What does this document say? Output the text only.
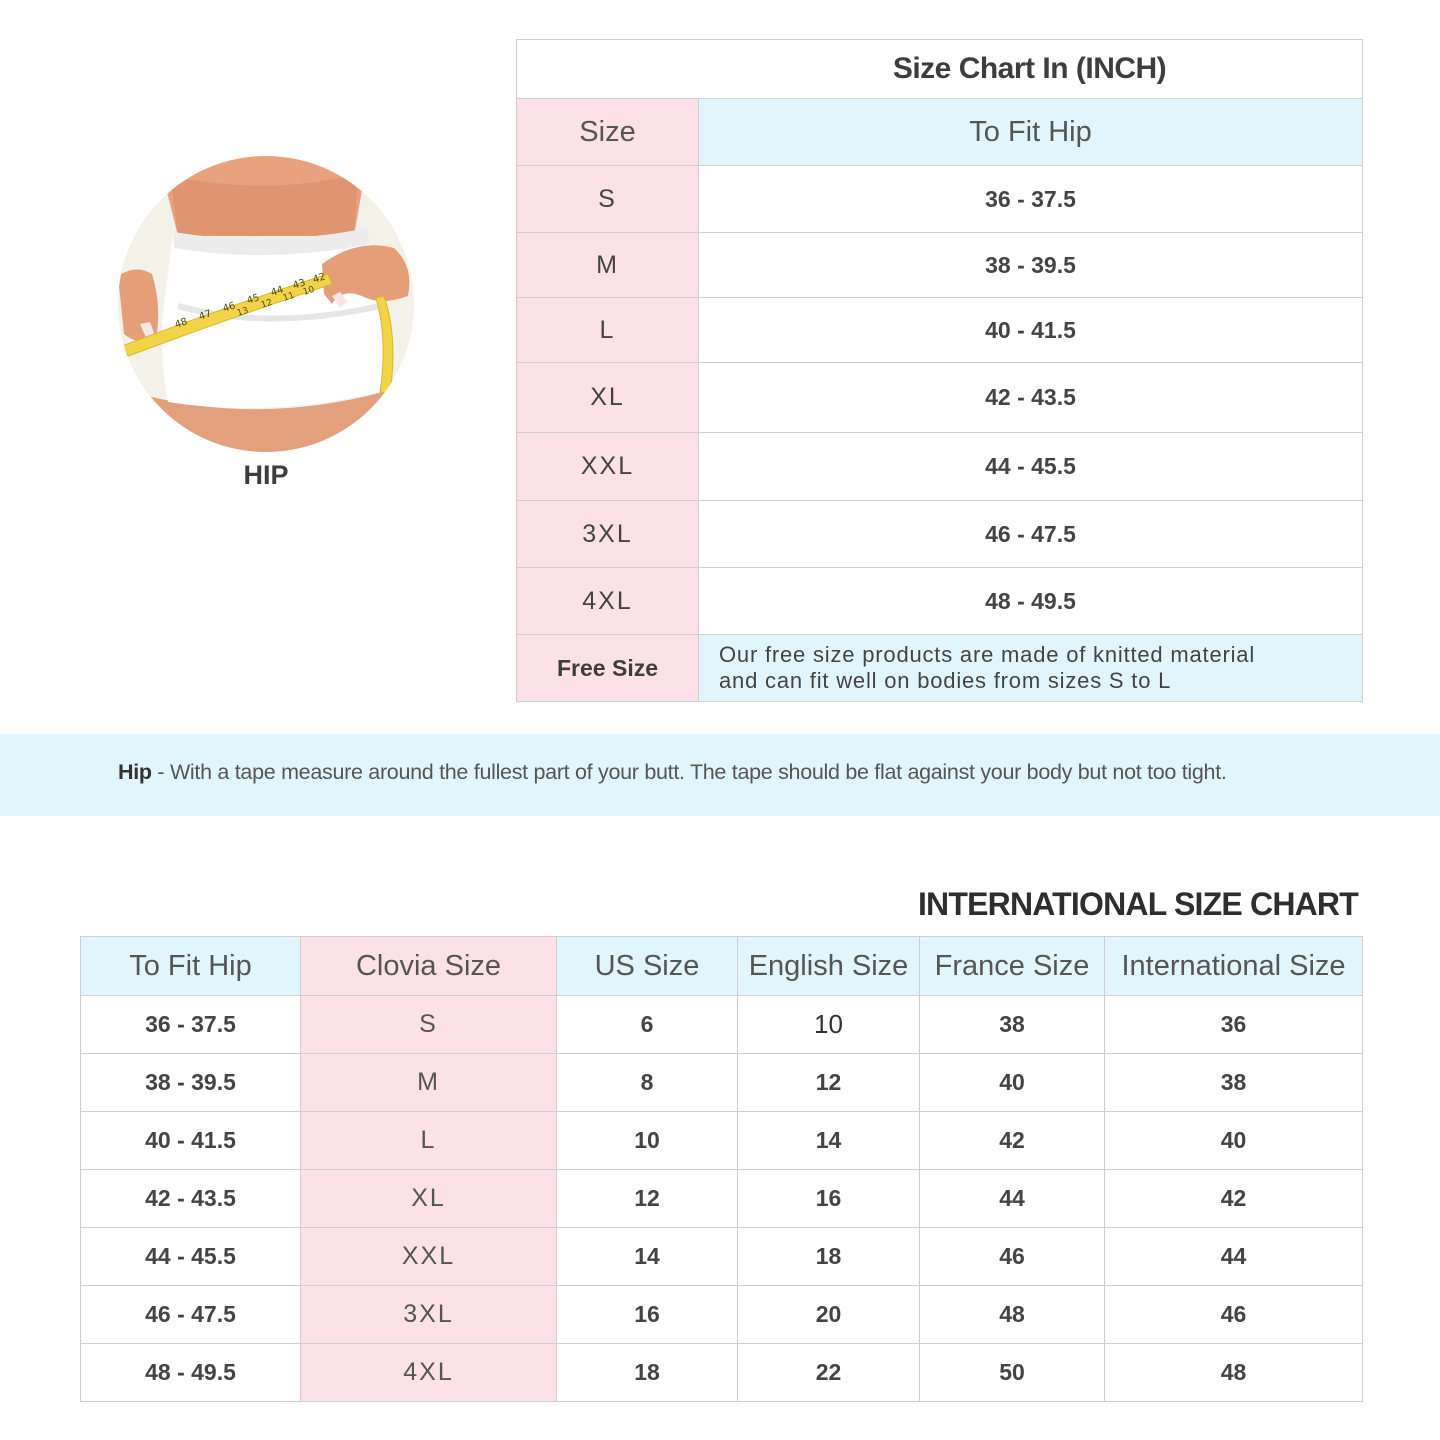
48
47
46
45
44 43 42
13
12
11 10
HIP
Size Chart In (INCH)	
Size	To Fit Hip
S	36 - 37.5
M	38 - 39.5
L	40 - 41.5
XL	42 - 43.5
XXL	44 - 45.5
3XL	46 - 47.5
4XL	48 - 49.5
Free Size	Our free size products are made of knitted material
and can fit well on bodies from sizes S to L
Hip - With a tape measure around the fullest part of your butt. The tape should be flat against your body but not too tight.
INTERNATIONAL SIZE CHART
To Fit Hip	Clovia Size	US Size	English Size	France Size	International Size
36 - 37.5	S	6	10	38	36
38 - 39.5	M	8	12	40	38
40 - 41.5	L	10	14	42	40
42 - 43.5	XL	12	16	44	42
44 - 45.5	XXL	14	18	46	44
46 - 47.5	3XL	16	20	48	46
48 - 49.5	4XL	18	22	50	48
